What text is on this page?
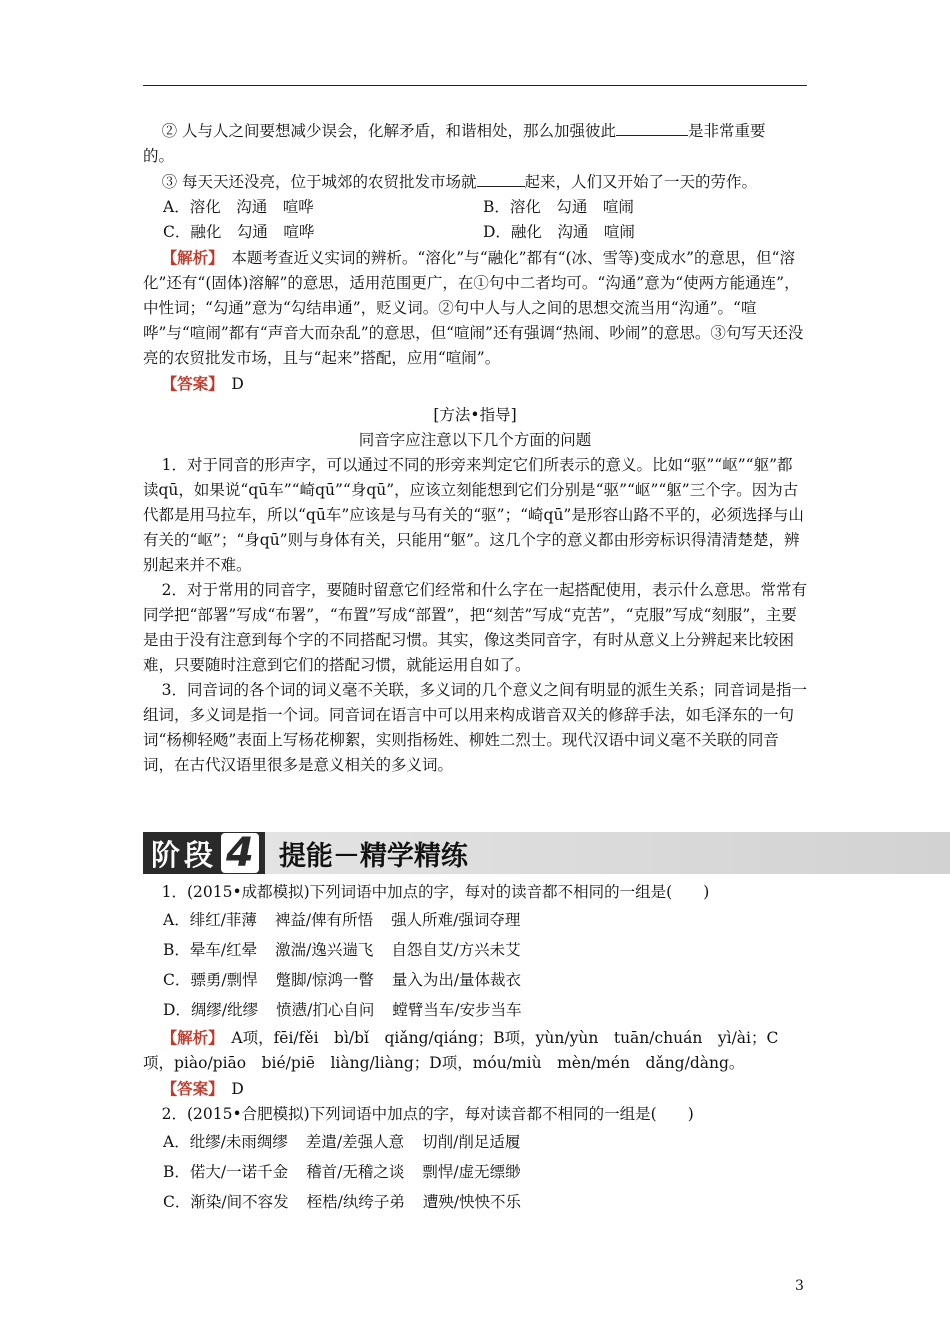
② 人与人之间要想减少误会，化解矛盾，和谐相处，那么加强彼此	是非常重要

的。

③ 每天天还没亮，位于城郊的农贸批发市场就	起来，人们又开始了一天的劳作。

A．溶化　沟通　喧哗	B．溶化　勾通　喧闹
C．融化　勾通　喧哗	D．融化　沟通　喧闹

【解析】　 本题考查近义实词的辨析。“溶化”与“融化”都有“(冰、雪等)变成水”的意思，但“溶化”还有“(固体)溶解”的意思，适用范围更广，在①句中二者均可。“沟通”意为“使两方能通连”，中性词；“勾通”意为“勾结串通”，贬义词。②句中人与人之间的思想交流当用“沟通”。“喧哗”与“喧闹”都有“声音大而杂乱”的意思，但“喧闹”还有强调“热闹、吵闹”的意思。③句写天还没亮的农贸批发市场，且与“起来”搭配，应用“喧闹”。

【答案】　 D

[方法•指导]
同音字应注意以下几个方面的问题

1．对于同音的形声字，可以通过不同的形旁来判定它们所表示的意义。比如“驱”“岖”“躯”都读qū，如果说“qū车”“崎qū”“身qū”，应该立刻能想到它们分别是“驱”“岖”“躯”三个字。因为古代都是用马拉车，所以“qū车”应该是与马有关的“驱”；“崎qū”是形容山路不平的，必须选择与山有关的“岖”；“身qū”则与身体有关，只能用“躯”。这几个字的意义都由形旁标识得清清楚楚，辨别起来并不难。

2．对于常用的同音字，要随时留意它们经常和什么字在一起搭配使用，表示什么意思。常常有同学把“部署”写成“布署”，“布置”写成“部置”，把“刻苦”写成“克苦”，“克服”写成“刻服”，主要是由于没有注意到每个字的不同搭配习惯。其实，像这类同音字，有时从意义上分辨起来比较困难，只要随时注意到它们的搭配习惯，就能运用自如了。

3．同音词的各个词的词义毫不关联，多义词的几个意义之间有明显的派生关系；同音词是指一组词，多义词是指一个词。同音词在语言中可以用来构成谐音双关的修辞手法，如毛泽东的一句词“杨柳轻飏”表面上写杨花柳絮，实则指杨姓、柳姓二烈士。现代汉语中词义毫不关联的同音词，在古代汉语里很多是意义相关的多义词。

阶段 4 提能－精学精练

1．(2015•成都模拟)下列词语中加点的字，每对的读音都不相同的一组是(　　)

A．绯红/菲薄 裨益/俾有所悟 强人所难/强词夺理
B．晕车/红晕 激湍/逸兴遄飞 自怨自艾/方兴未艾
C．骠勇/剽悍 蹩脚/惊鸿一瞥 量入为出/量体裁衣
D．绸缪/纰缪 愤懑/扪心自问 螳臂当车/安步当车

【解析】　 A项，fēi/fěi　bì/bǐ　qiǎng/qiáng；B项，yùn/yùn　tuān/chuán　yì/ài；C项，piào/piāo　bié/piē　liàng/liàng；D项，móu/miù　mèn/mén　dǎng/dàng。

【答案】　 D

2．(2015•合肥模拟)下列词语中加点的字，每对读音都不相同的一组是(　　)

A．纰缪/未雨绸缪 差遣/差强人意 切削/削足适履
B．偌大/一诺千金 稽首/无稽之谈 剽悍/虚无缥缈
C．渐染/间不容发 桎梏/纨绔子弟 遭殃/怏怏不乐
3
